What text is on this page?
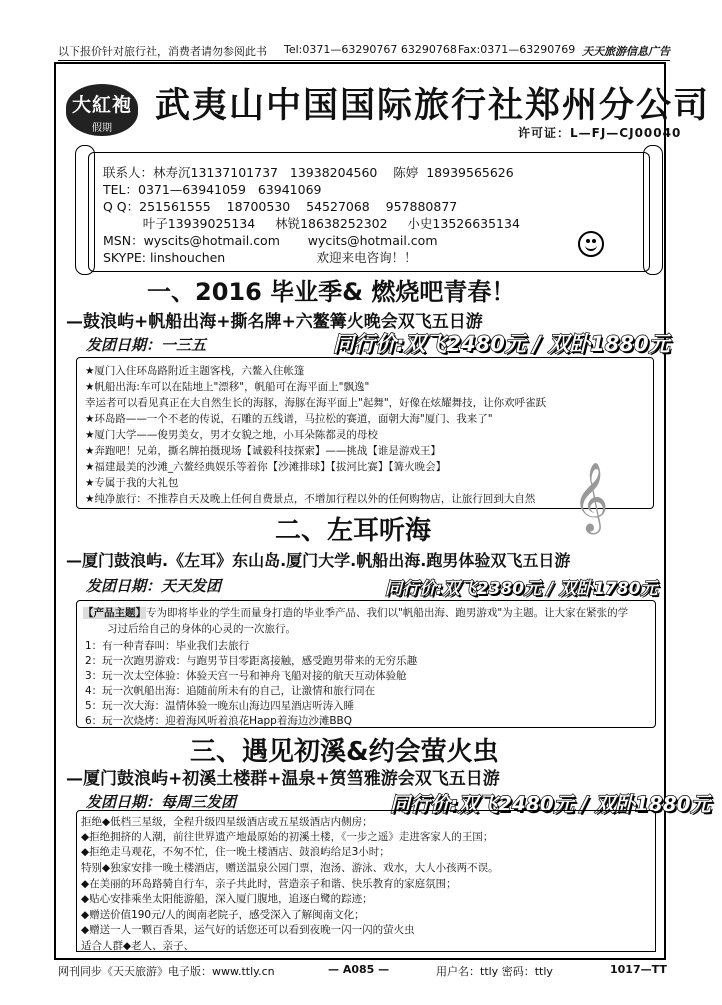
以下报价针对旅行社，消费者请勿参阅此书 Tel:0371—63290767 63290768 Fax:0371—63290769 天天旅游信息广告
大紅袍
假期
武夷山中国国际旅行社郑州分公司
许可证：L—FJ—CJ00040
联系人：林寿沉13137101737   13938204560    陈婷  18939565626
TEL：0371—63941059   63941069
Q Q：251561555    18700530    54527068    957880877
叶子13939025134     林锐18638252302     小史13526635134
MSN：wyscits@hotmail.com       wycits@hotmail.com
SKYPE: linshouchen                       欢迎来电咨询！！
一、2016 毕业季& 燃烧吧青春！
—鼓浪屿+帆船出海+撕名牌+六鳌篝火晚会双飞五日游
发团日期：一三五	同行价:双飞2480元 / 双卧1880元
★厦门入住环岛路附近主题客栈，六鳌入住帐篷
★帆船出海:车可以在陆地上"漂移"，帆船可在海平面上"飘逸"
幸运者可以看见真正在大自然生长的海豚，海豚在海平面上"起舞"，好像在炫耀舞技，让你欢呼雀跃
★环岛路——一个不老的传说，石雕的五线谱，马拉松的赛道，面朝大海"厦门、我来了"
★厦门大学——俊男美女，男才女貌之地，小耳朵陈都灵的母校
★奔跑吧！兄弟，撕名牌拍摄现场【诚毅科技探索】——挑战【谁是游戏王】
★福建最美的沙滩_六鳌经典娱乐等着你【沙滩排球】【拔河比赛】【篝火晚会】
★专属于我的大礼包
★纯净旅行：不推荐自天及晚上任何自费景点，不增加行程以外的任何购物店，让旅行回到大自然 𝄞
二、左耳听海
—厦门鼓浪屿.《左耳》东山岛.厦门大学.帆船出海.跑男体验双飞五日游
发团日期：天天发团	同行价:双飞2380元 / 双卧1780元
【产品主题】专为即将毕业的学生而量身打造的毕业季产品、我们以"帆船出海、跑男游戏"为主题。让大家在紧张的学
习过后给自己的身体的心灵的一次旅行。
1：有一种青春叫：毕业我们去旅行
2：玩一次跑男游戏：与跑男节目零距离接触，感受跑男带来的无穷乐趣
3：玩一次太空体验：体验天宫一号和神舟飞船对接的航天互动体验舱
4：玩一次帆船出海：追随前所未有的自己，让激情和旅行同在
5：玩一次大海：温情体验一晚东山海边四星酒店听涛入睡
6：玩一次烧烤：迎着海风听着浪花Happ着海边沙滩BBQ
三、遇见初溪&约会萤火虫
—厦门鼓浪屿+初溪土楼群+温泉+筼筜雅游会双飞五日游
发团日期：每周三发团	同行价:双飞2480元 / 双卧1880元
拒绝◆低档三星级，全程升级四星级酒店或五星级酒店内侧房；
◆拒绝拥挤的人潮，前往世界遗产地最原始的初溪土楼，《一步之遥》走进客家人的王国；
◆拒绝走马观花，不匆不忙，住一晚土楼酒店、鼓浪屿给足3小时；
特别◆独家安排一晚土楼酒店，赠送温泉公园门票，泡汤、游泳、戏水，大人小孩两不误。
◆在美丽的环岛路骑自行车，亲子共此时，营造亲子和谐、快乐教育的家庭氛围；
◆贴心安排乘坐太阳能游船，深入厦门腹地，追逐白鹭的踪迹；
◆赠送价值190元/人的闽南老院子，感受深入了解闽南文化；
◆赠送一人一颗百香果，运气好的话您还可以看到夜晚一闪一闪的萤火虫
适合人群◆老人、亲子、
网刊同步《天天旅游》电子版：www.ttly.cn	— A085 —	用户名：ttly 密码：ttly	1017—TT
